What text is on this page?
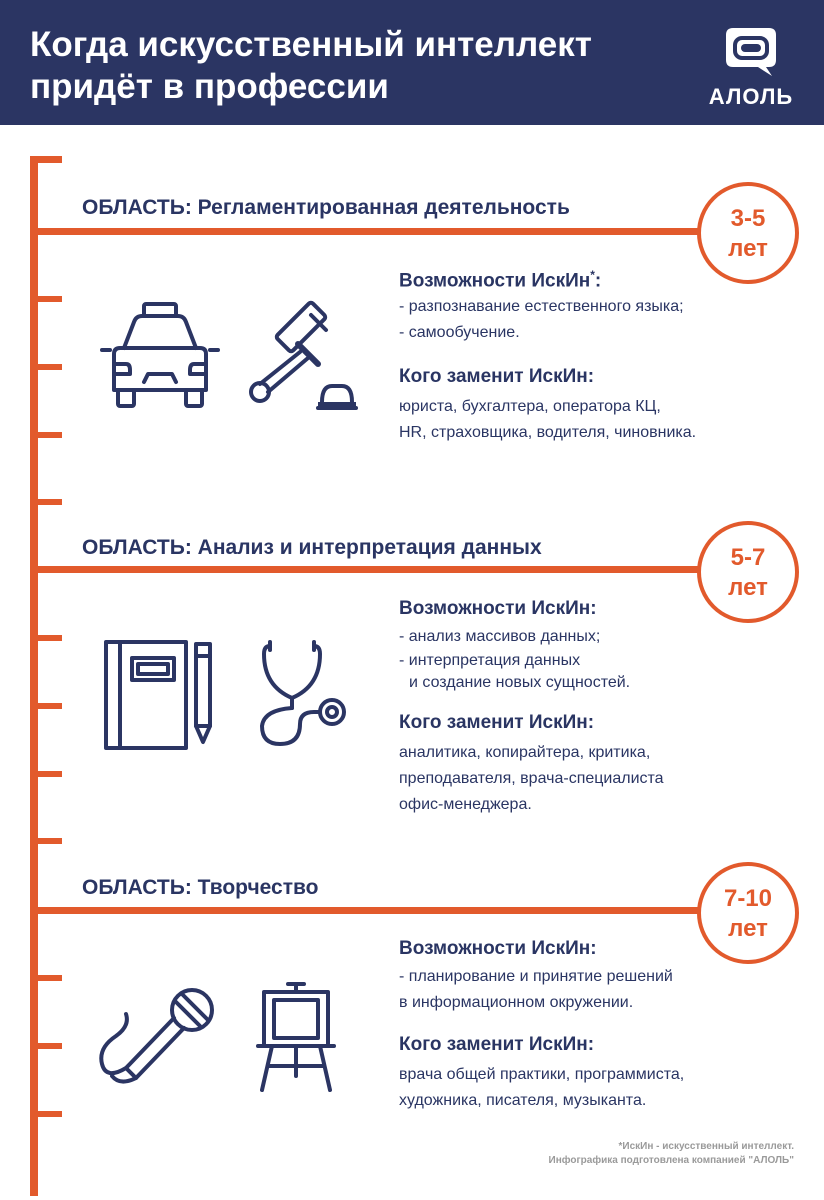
Когда искусственный интеллект
придёт в профессии	АЛОЛЬ
ОБЛАСТЬ: Регламентированная деятельность	3-5
лет
Возможности ИскИн*:
- разпознавание естественного языка;
- самообучение.
Кого заменит ИскИн:
юриста, бухгалтера, оператора КЦ,
HR, страховщика, водителя, чиновника.
ОБЛАСТЬ: Анализ и интерпретация данных	5-7
лет
Возможности ИскИн:
- анализ массивов данных;
- интерпретация данных
и создание новых сущностей.
Кого заменит ИскИн:
аналитика, копирайтера, критика,
преподавателя, врача-специалиста
офис-менеджера.
ОБЛАСТЬ: Творчество	7-10
лет
Возможности ИскИн:
- планирование и принятие решений
в информационном окружении.
Кого заменит ИскИн:
врача общей практики, программиста,
художника, писателя, музыканта.
*ИскИн - искусственный интеллект.
Инфографика подготовлена компанией "АЛОЛЬ"
